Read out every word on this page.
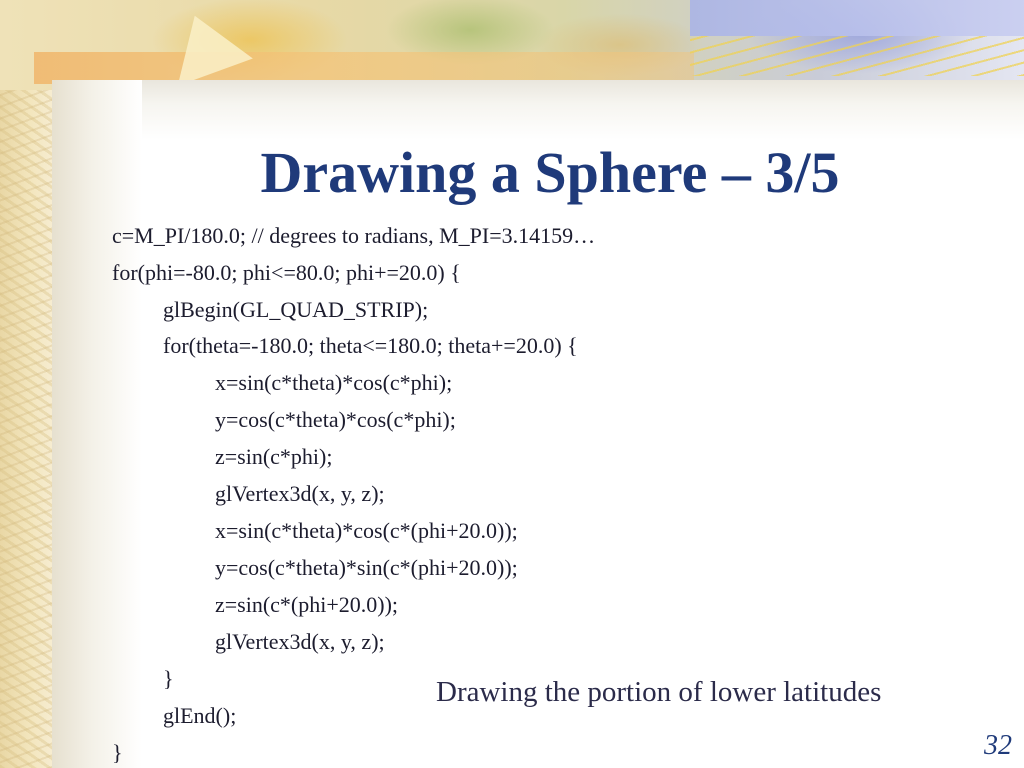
Drawing a Sphere – 3/5
c=M_PI/180.0; // degrees to radians, M_PI=3.14159…
for(phi=-80.0; phi<=80.0; phi+=20.0) {
glBegin(GL_QUAD_STRIP);
for(theta=-180.0; theta<=180.0; theta+=20.0) {
x=sin(c*theta)*cos(c*phi);
y=cos(c*theta)*cos(c*phi);
z=sin(c*phi);
glVertex3d(x, y, z);
x=sin(c*theta)*cos(c*(phi+20.0));
y=cos(c*theta)*sin(c*(phi+20.0));
z=sin(c*(phi+20.0));
glVertex3d(x, y, z);
}
glEnd();
}
Drawing the portion of lower latitudes
32
